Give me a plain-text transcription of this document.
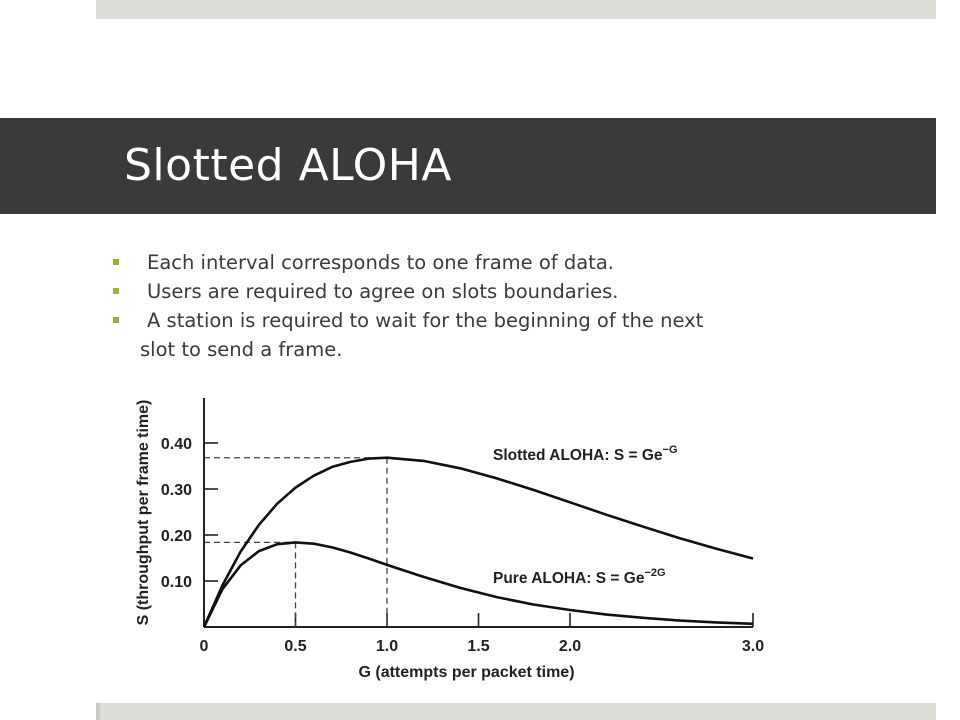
Slotted ALOHA
Each interval corresponds to one frame of data.
Users are required to agree on slots boundaries.
A station is required to wait for the beginning of the next
slot to send a frame.
0.10
0.20
0.30
0.40
0	0.5	1.0	1.5	2.0	3.0
G (attempts per packet time)
S (throughput per frame time)	Slotted ALOHA: $S = Ge^{-G}$
Pure ALOHA: $S = Ge^{-2G}$
